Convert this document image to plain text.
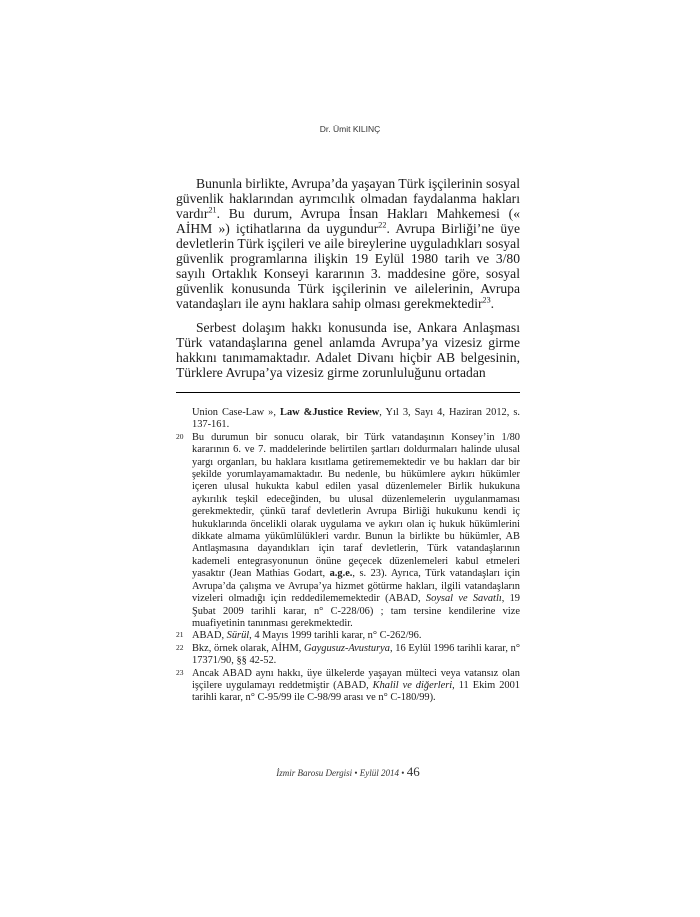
Dr. Ümit KILINÇ

Bununla birlikte, Avrupa’da yaşayan Türk işçilerinin sosyal güvenlik haklarından ayrımcılık olmadan faydalanma hakları vardır$^{21}$. Bu durum, Avrupa İnsan Hakları Mahkemesi (« AİHM ») içtihatlarına da uygundur$^{22}$. Avrupa Birliği’ne üye devletlerin Türk işçileri ve aile bireylerine uyguladıkları sosyal güvenlik programlarına ilişkin 19 Eylül 1980 tarih ve 3/80 sayılı Ortaklık Konseyi kararının 3. maddesine göre, sosyal güvenlik konusunda Türk işçilerinin ve ailelerinin, Avrupa vatandaşları ile aynı haklara sahip olması gerekmektedir$^{23}$.

Serbest dolaşım hakkı konusunda ise, Ankara Anlaşması Türk vatandaşlarına genel anlamda Avrupa’ya vizesiz girme hakkını tanımamaktadır. Adalet Divanı hiçbir AB belgesinin, Türklere Avrupa’ya vizesiz girme zorunluluğunu ortadan

Union Case-Law », Law &Justice Review, Yıl 3, Sayı 4, Haziran 2012, s. 137-161.

20 Bu durumun bir sonucu olarak, bir Türk vatandaşının Konsey’in 1/80 kararının 6. ve 7. maddelerinde belirtilen şartları doldurmaları halinde ulusal yargı organları, bu haklara kısıtlama getirememektedir ve bu hakları dar bir şekilde yorumlayamamaktadır. Bu nedenle, bu hükümlere aykırı hükümler içeren ulusal hukukta kabul edilen yasal düzenlemeler Birlik hukukuna aykırılık teşkil edeceğinden, bu ulusal düzenlemelerin uygulanmaması gerekmektedir, çünkü taraf devletlerin Avrupa Birliği hukukunu kendi iç hukuklarında öncelikli olarak uygulama ve aykırı olan iç hukuk hükümlerini dikkate almama yükümlülükleri vardır. Bunun la birlikte bu hükümler, AB Antlaşmasına dayandıkları için taraf devletlerin, Türk vatandaşlarının kademeli entegrasyonunun önüne geçecek düzenlemeleri kabul etmeleri yasaktır (Jean Mathias Godart, a.g.e., s. 23). Ayrıca, Türk vatandaşları için Avrupa’da çalışma ve Avrupa’ya hizmet götürme hakları, ilgili vatandaşların vizeleri olmadığı için reddedilememektedir (ABAD, Soysal ve Savatlı, 19 Şubat 2009 tarihli karar, n° C-228/06) ; tam tersine kendilerine vize muafiyetinin tanınması gerekmektedir.

21 ABAD, Sürül, 4 Mayıs 1999 tarihli karar, n° C-262/96.

22 Bkz, örnek olarak, AİHM, Gaygusuz-Avusturya, 16 Eylül 1996 tarihli karar, n° 17371/90, §§ 42-52.

23 Ancak ABAD aynı hakkı, üye ülkelerde yaşayan mülteci veya vatansız olan işçilere uygulamayı reddetmiştir (ABAD, Khalil ve diğerleri, 11 Ekim 2001 tarihli karar, n° C-95/99 ile C-98/99 arası ve n° C-180/99).

İzmir Barosu Dergisi • Eylül 2014 • 46
